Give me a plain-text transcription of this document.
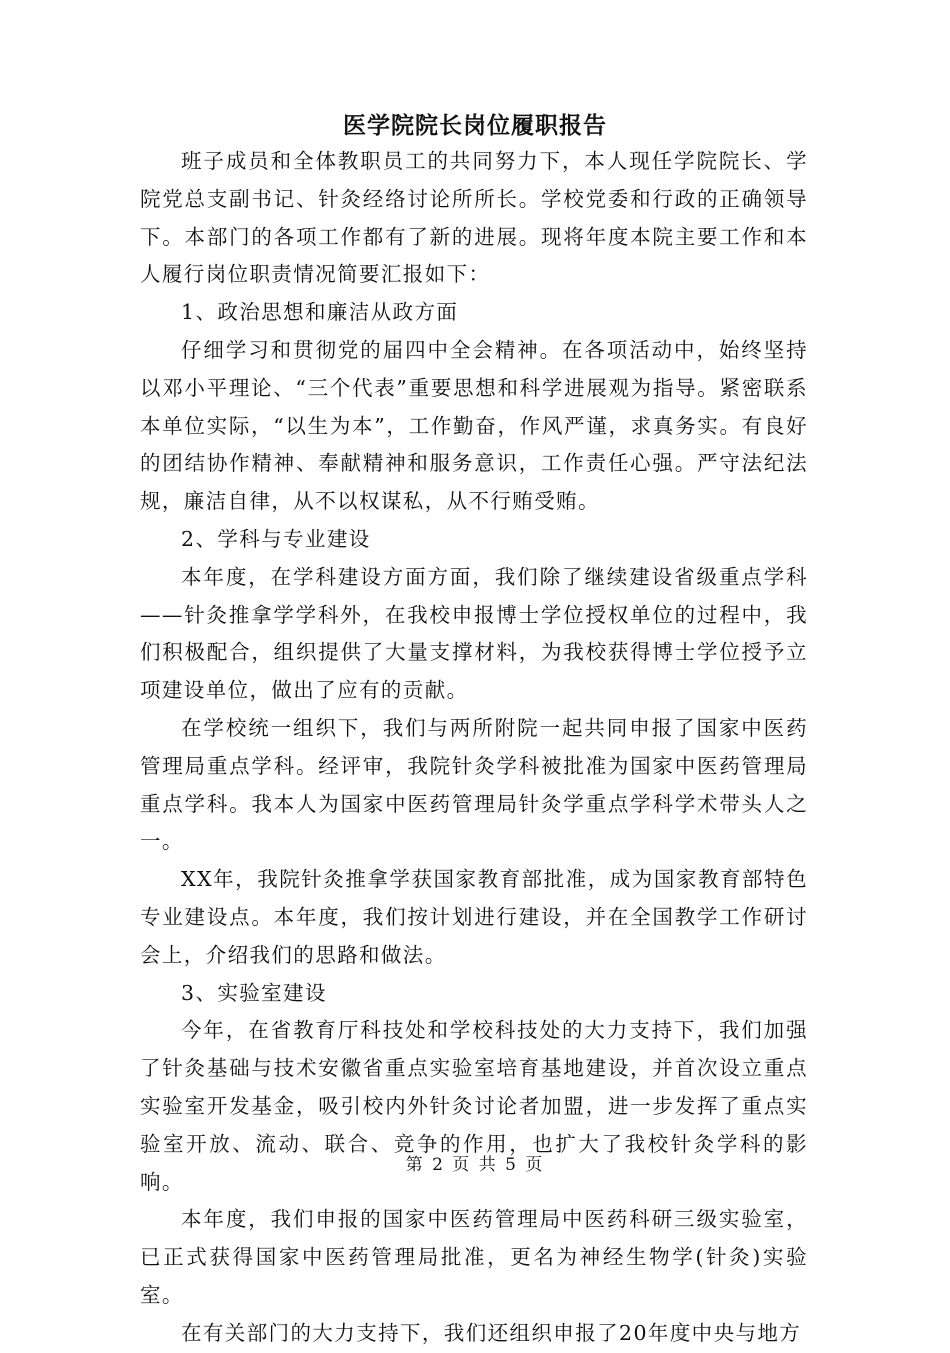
医学院院长岗位履职报告

班子成员和全体教职员工的共同努力下，本人现任学院院长、学院党总支副书记、针灸经络讨论所所长。学校党委和行政的正确领导下。本部门的各项工作都有了新的进展。现将年度本院主要工作和本人履行岗位职责情况简要汇报如下：

1、政治思想和廉洁从政方面

仔细学习和贯彻党的届四中全会精神。在各项活动中，始终坚持以邓小平理论、“三个代表”重要思想和科学进展观为指导。紧密联系本单位实际，“以生为本”，工作勤奋，作风严谨，求真务实。有良好的团结协作精神、奉献精神和服务意识，工作责任心强。严守法纪法规，廉洁自律，从不以权谋私，从不行贿受贿。

2、学科与专业建设

本年度，在学科建设方面方面，我们除了继续建设省级重点学科——针灸推拿学学科外，在我校申报博士学位授权单位的过程中，我们积极配合，组织提供了大量支撑材料，为我校获得博士学位授予立项建设单位，做出了应有的贡献。

在学校统一组织下，我们与两所附院一起共同申报了国家中医药管理局重点学科。经评审，我院针灸学科被批准为国家中医药管理局重点学科。我本人为国家中医药管理局针灸学重点学科学术带头人之一。

XX年，我院针灸推拿学获国家教育部批准，成为国家教育部特色专业建设点。本年度，我们按计划进行建设，并在全国教学工作研讨会上，介绍我们的思路和做法。

3、实验室建设

今年，在省教育厅科技处和学校科技处的大力支持下，我们加强了针灸基础与技术安徽省重点实验室培育基地建设，并首次设立重点实验室开发基金，吸引校内外针灸讨论者加盟，进一步发挥了重点实验室开放、流动、联合、竞争的作用，也扩大了我校针灸学科的影响。

本年度，我们申报的国家中医药管理局中医药科研三级实验室，已正式获得国家中医药管理局批准，更名为神经生物学(针灸)实验室。

在有关部门的大力支持下，我们还组织申报了20年度中央与地方

第 2 页 共 5 页
